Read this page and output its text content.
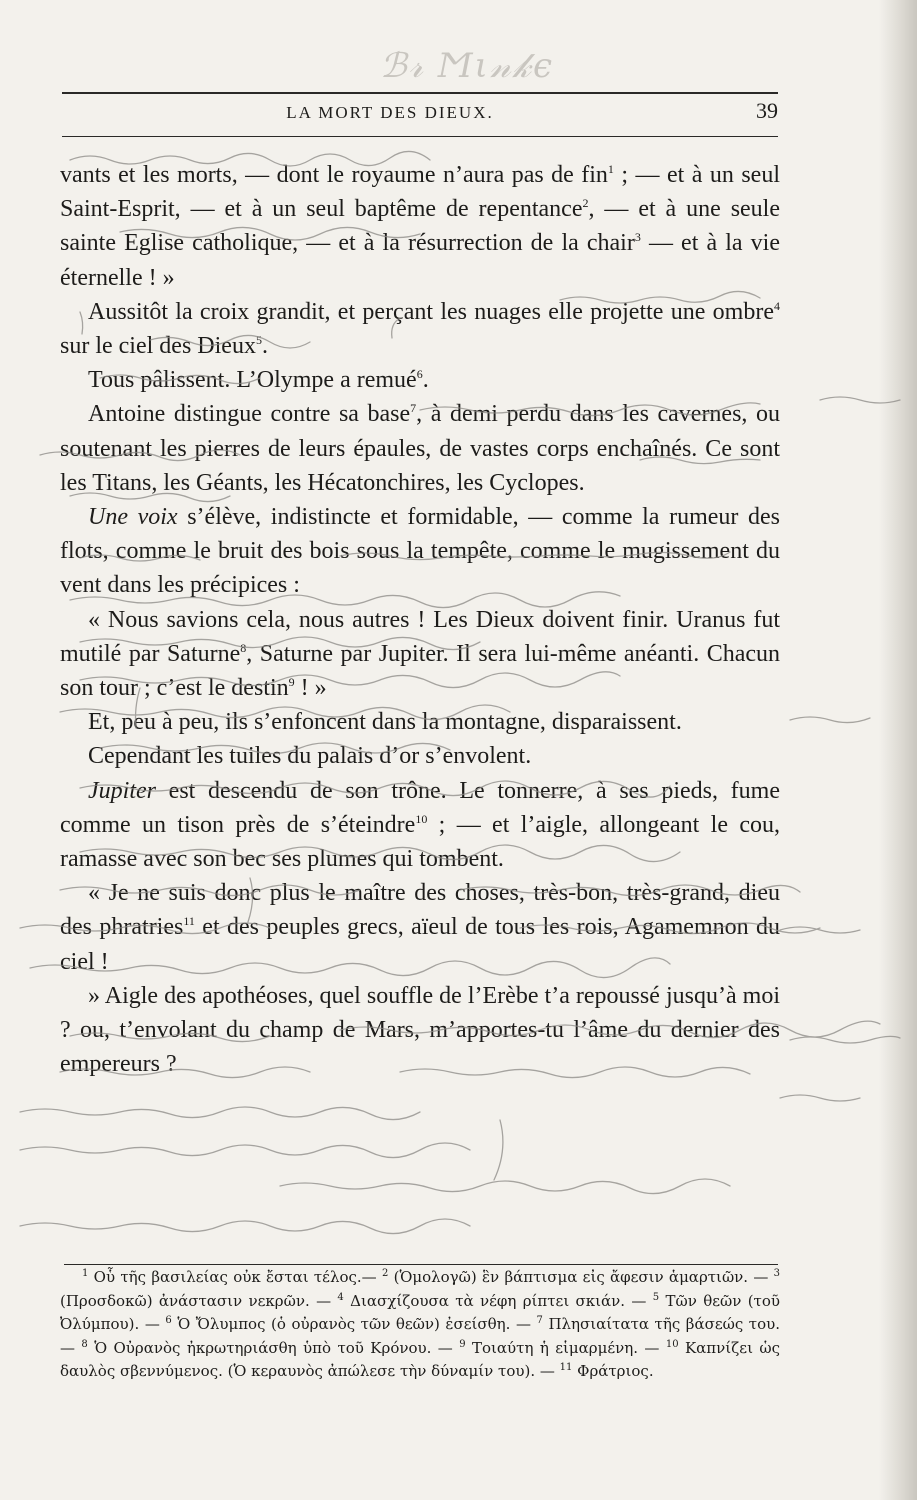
ℬ𝓇 Ϻι𝓃𝓀ϵ
LA MORT DES DIEUX.	39

vants et les morts, — dont le royaume n’aura pas de fin$^1$ ; — et à un seul Saint-Esprit, — et à un seul baptême de repentance$^2$, — et à une seule sainte Eglise catholique, — et à la résurrection de la chair$^3$ — et à la vie éternelle ! »

Aussitôt la croix grandit, et perçant les nuages elle projette une ombre$^4$ sur le ciel des Dieux$^5$.

Tous pâlissent. L’Olympe a remué$^6$.

Antoine distingue contre sa base$^7$, à demi perdu dans les cavernes, ou soutenant les pierres de leurs épaules, de vastes corps enchaînés. Ce sont les Titans, les Géants, les Hécatonchires, les Cyclopes.

Une voix s’élève, indistincte et formidable, — comme la rumeur des flots, comme le bruit des bois sous la tempête, comme le mugissement du vent dans les précipices :

« Nous savions cela, nous autres ! Les Dieux doivent finir. Uranus fut mutilé par Saturne$^8$, Saturne par Jupiter. Il sera lui-même anéanti. Chacun son tour ; c’est le destin$^9$ ! »

Et, peu à peu, ils s’enfoncent dans la montagne, disparaissent.

Cependant les tuiles du palais d’or s’envolent.

Jupiter est descendu de son trône. Le tonnerre, à ses pieds, fume comme un tison près de s’éteindre$^{10}$ ; — et l’aigle, allongeant le cou, ramasse avec son bec ses plumes qui tombent.

« Je ne suis donc plus le maître des choses, très-bon, très-grand, dieu des phratries$^{11}$ et des peuples grecs, aïeul de tous les rois, Agamemnon du ciel !

» Aigle des apothéoses, quel souffle de l’Erèbe t’a repoussé jusqu’à moi ? ou, t’envolant du champ de Mars, m’apportes-tu l’âme du dernier des empereurs ?

$^1$ Οὗ τῆς βασιλείας οὐκ ἔσται τέλος.— $^2$ (Ὁμολογῶ) ἓν βάπτισμα εἰς ἄφεσιν ἁμαρτιῶν. — $^3$ (Προσδοκῶ) ἀνάστασιν νεκρῶν. — $^4$ Διασχίζουσα τὰ νέφη ρίπτει σκιάν. — $^5$ Τῶν θεῶν (τοῦ Ὀλύμπου). — $^6$ Ὁ Ὄλυμπος (ὁ οὐρανὸς τῶν θεῶν) ἐσείσθη. — $^7$ Πλησιαίτατα τῆς βάσεώς του. — $^8$ Ὁ Οὐρανὸς ἠκρωτηριάσθη ὑπὸ τοῦ Κρόνου. — $^9$ Τοιαύτη ἡ εἱμαρμένη. — $^{10}$ Καπνίζει ὡς δαυλὸς σβεννύμενος. (Ὁ κεραυνὸς ἀπώλεσε τὴν δύναμίν του). — $^{11}$ Φράτριος.
